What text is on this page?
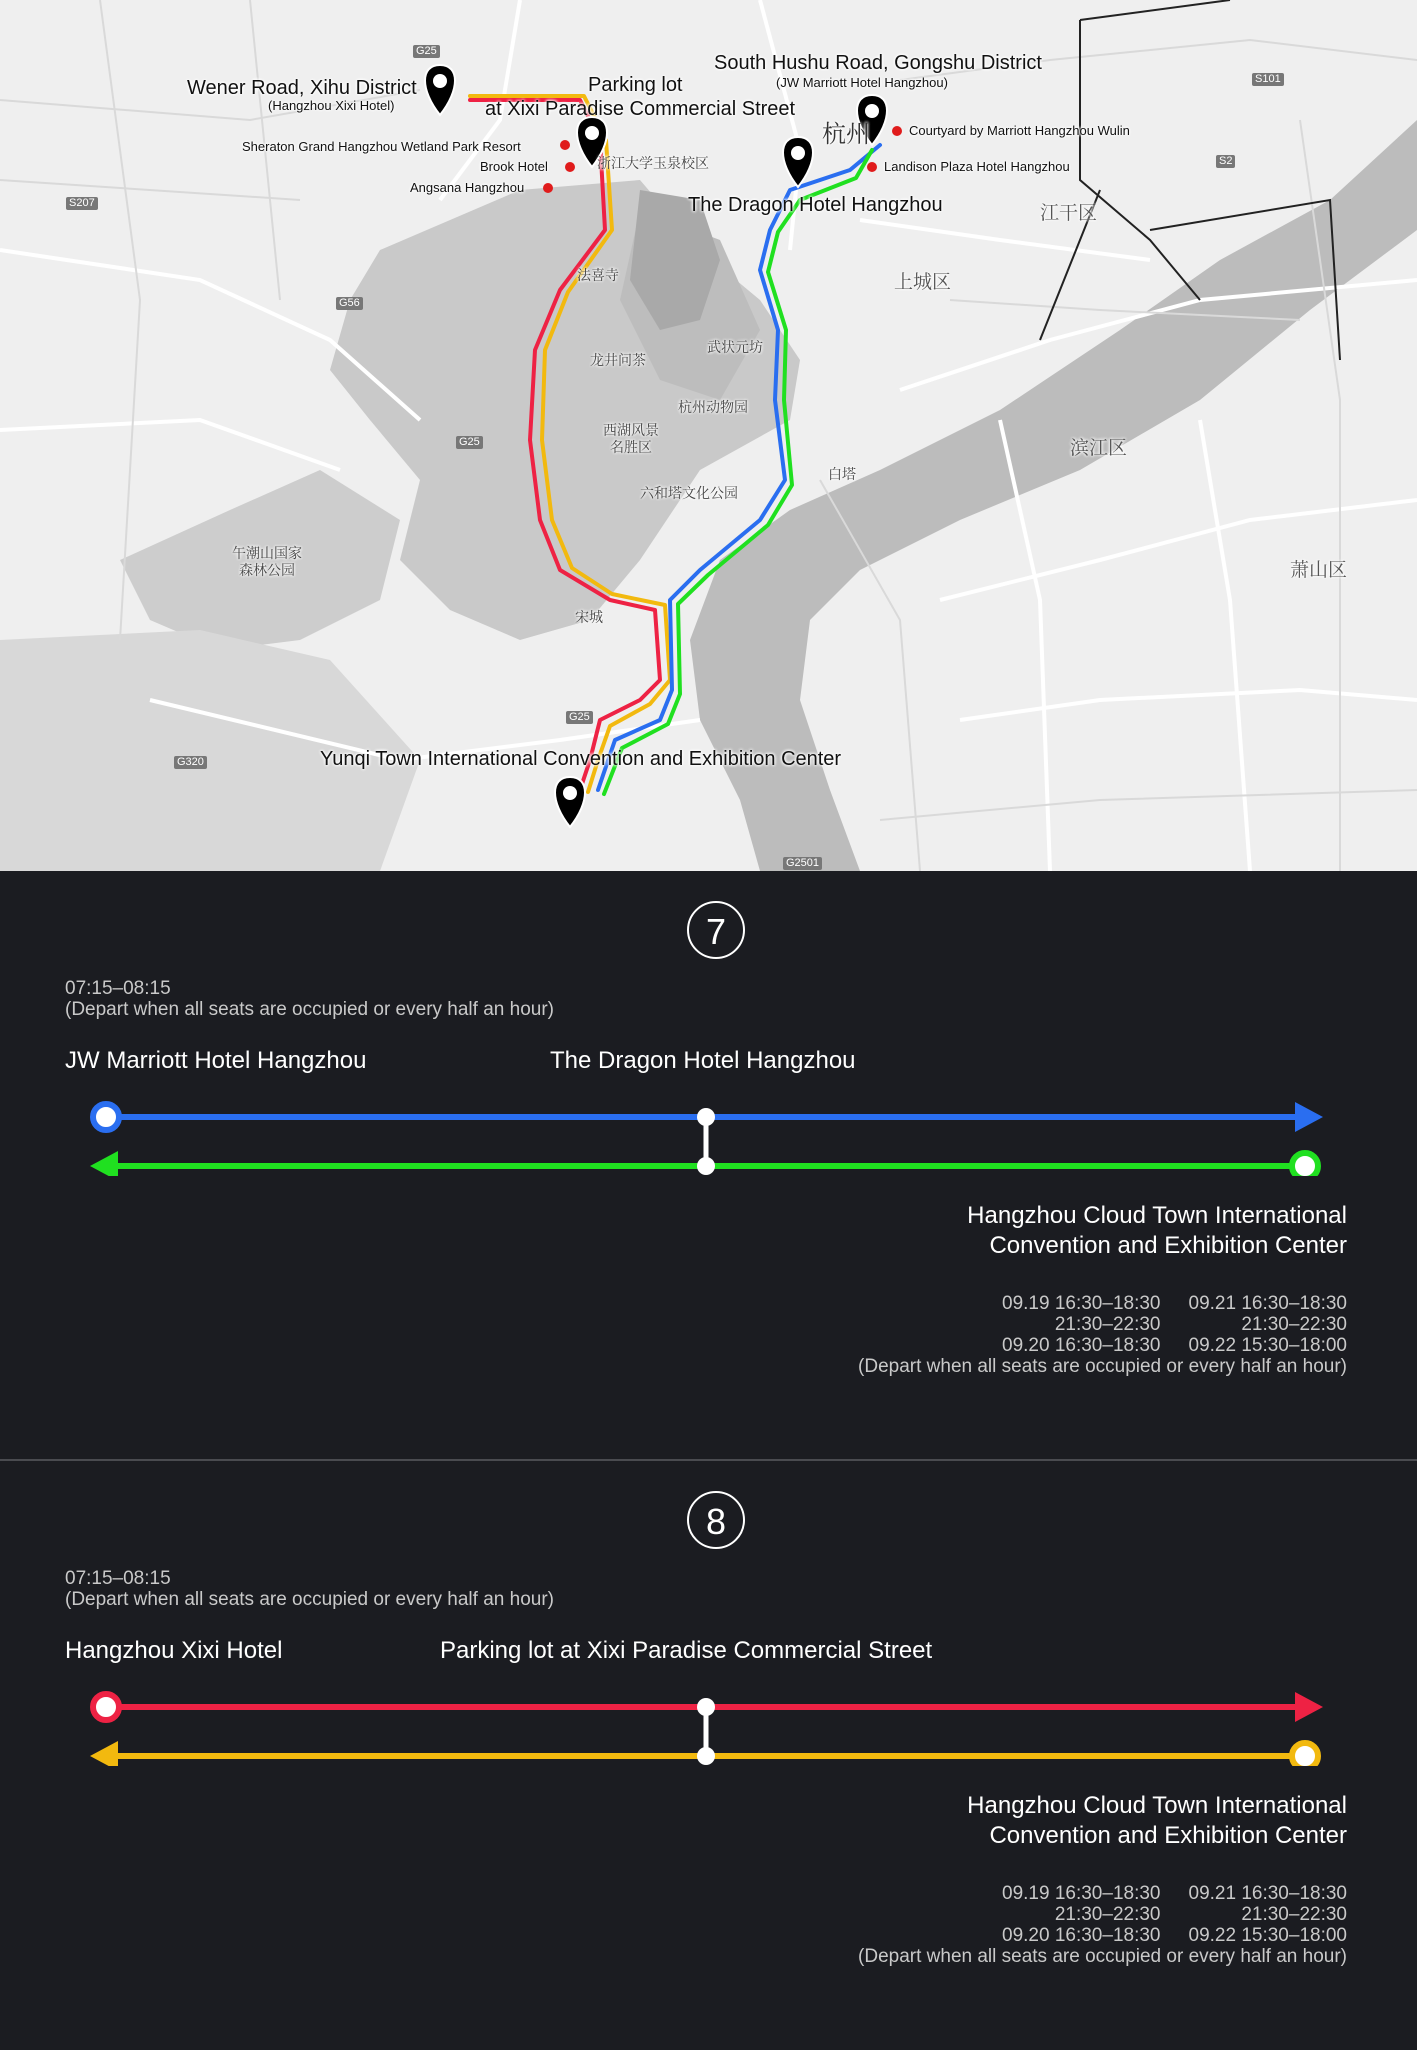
杭州
江干区
上城区
滨江区
萧山区
西湖风景
名胜区
午潮山国家
森林公园
宋城
龙井问茶
武状元坊
杭州动物园
六和塔文化公园
白塔
浙江大学玉泉校区
法喜寺
G25
G56
G320
S207
S101
S2
G2501
G25
G25
Wener Road, Xihu District
(Hangzhou Xixi Hotel)
Parking lot
at Xixi Paradise Commercial Street
South Hushu Road, Gongshu District
(JW Marriott Hotel Hangzhou)
The Dragon Hotel Hangzhou
Yunqi Town International Convention and Exhibition Center
Sheraton Grand Hangzhou Wetland Park Resort
Brook Hotel
Angsana Hangzhou
Courtyard by Marriott Hangzhou Wulin
Landison Plaza Hotel Hangzhou
7
07:15–08:15
(Depart when all seats are occupied or every half an hour)
JW Marriott Hotel Hangzhou	The Dragon Hotel Hangzhou
Hangzhou Cloud Town International
Convention and Exhibition Center
09.19 16:30–18:30
21:30–22:30
09.20 16:30–18:30
09.21 16:30–18:30
21:30–22:30
09.22 15:30–18:00
(Depart when all seats are occupied or every half an hour)
8
07:15–08:15
(Depart when all seats are occupied or every half an hour)
Hangzhou Xixi Hotel	Parking lot at Xixi Paradise Commercial Street
Hangzhou Cloud Town International
Convention and Exhibition Center
09.19 16:30–18:30
21:30–22:30
09.20 16:30–18:30
09.21 16:30–18:30
21:30–22:30
09.22 15:30–18:00
(Depart when all seats are occupied or every half an hour)
